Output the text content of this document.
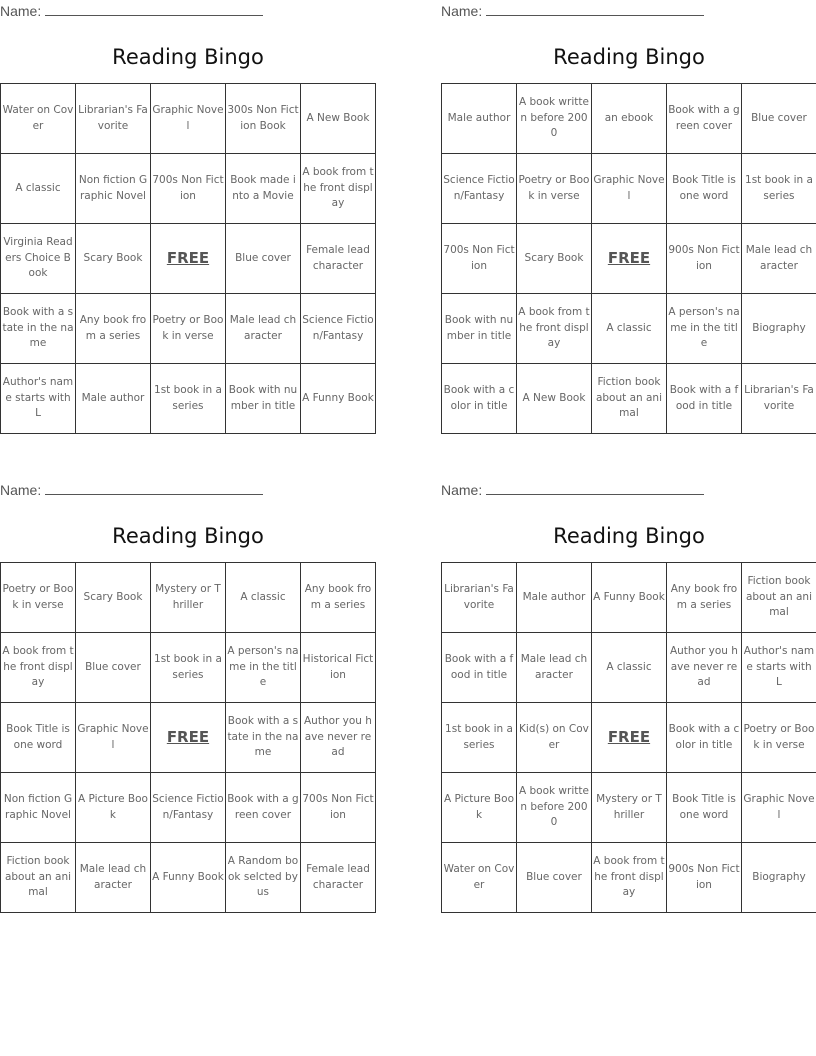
Name:
Reading Bingo
Water on Cover	Librarian's Favorite	Graphic Novel	300s Non Fiction Book	A New Book
A classic	Non fiction Graphic Novel	700s Non Fiction	Book made into a Movie	A book from the front display
Virginia Readers Choice Book	Scary Book	FREE	Blue cover	Female lead character
Book with a state in the name	Any book from a series	Poetry or Book in verse	Male lead character	Science Fiction/Fantasy
Author's name starts with L	Male author	1st book in a series	Book with number in title	A Funny Book
Name:
Reading Bingo
Male author	A book written before 2000	an ebook	Book with a green cover	Blue cover
Science Fiction/Fantasy	Poetry or Book in verse	Graphic Novel	Book Title is one word	1st book in a series
700s Non Fiction	Scary Book	FREE	900s Non Fiction	Male lead character
Book with number in title	A book from the front display	A classic	A person's name in the title	Biography
Book with a color in title	A New Book	Fiction book about an animal	Book with a food in title	Librarian's Favorite
Name:
Reading Bingo
Poetry or Book in verse	Scary Book	Mystery or Thriller	A classic	Any book from a series
A book from the front display	Blue cover	1st book in a series	A person's name in the title	Historical Fiction
Book Title is one word	Graphic Novel	FREE	Book with a state in the name	Author you have never read
Non fiction Graphic Novel	A Picture Book	Science Fiction/Fantasy	Book with a green cover	700s Non Fiction
Fiction book about an animal	Male lead character	A Funny Book	A Random book selcted by us	Female lead character
Name:
Reading Bingo
Librarian's Favorite	Male author	A Funny Book	Any book from a series	Fiction book about an animal
Book with a food in title	Male lead character	A classic	Author you have never read	Author's name starts with L
1st book in a series	Kid(s) on Cover	FREE	Book with a color in title	Poetry or Book in verse
A Picture Book	A book written before 2000	Mystery or Thriller	Book Title is one word	Graphic Novel
Water on Cover	Blue cover	A book from the front display	900s Non Fiction	Biography
